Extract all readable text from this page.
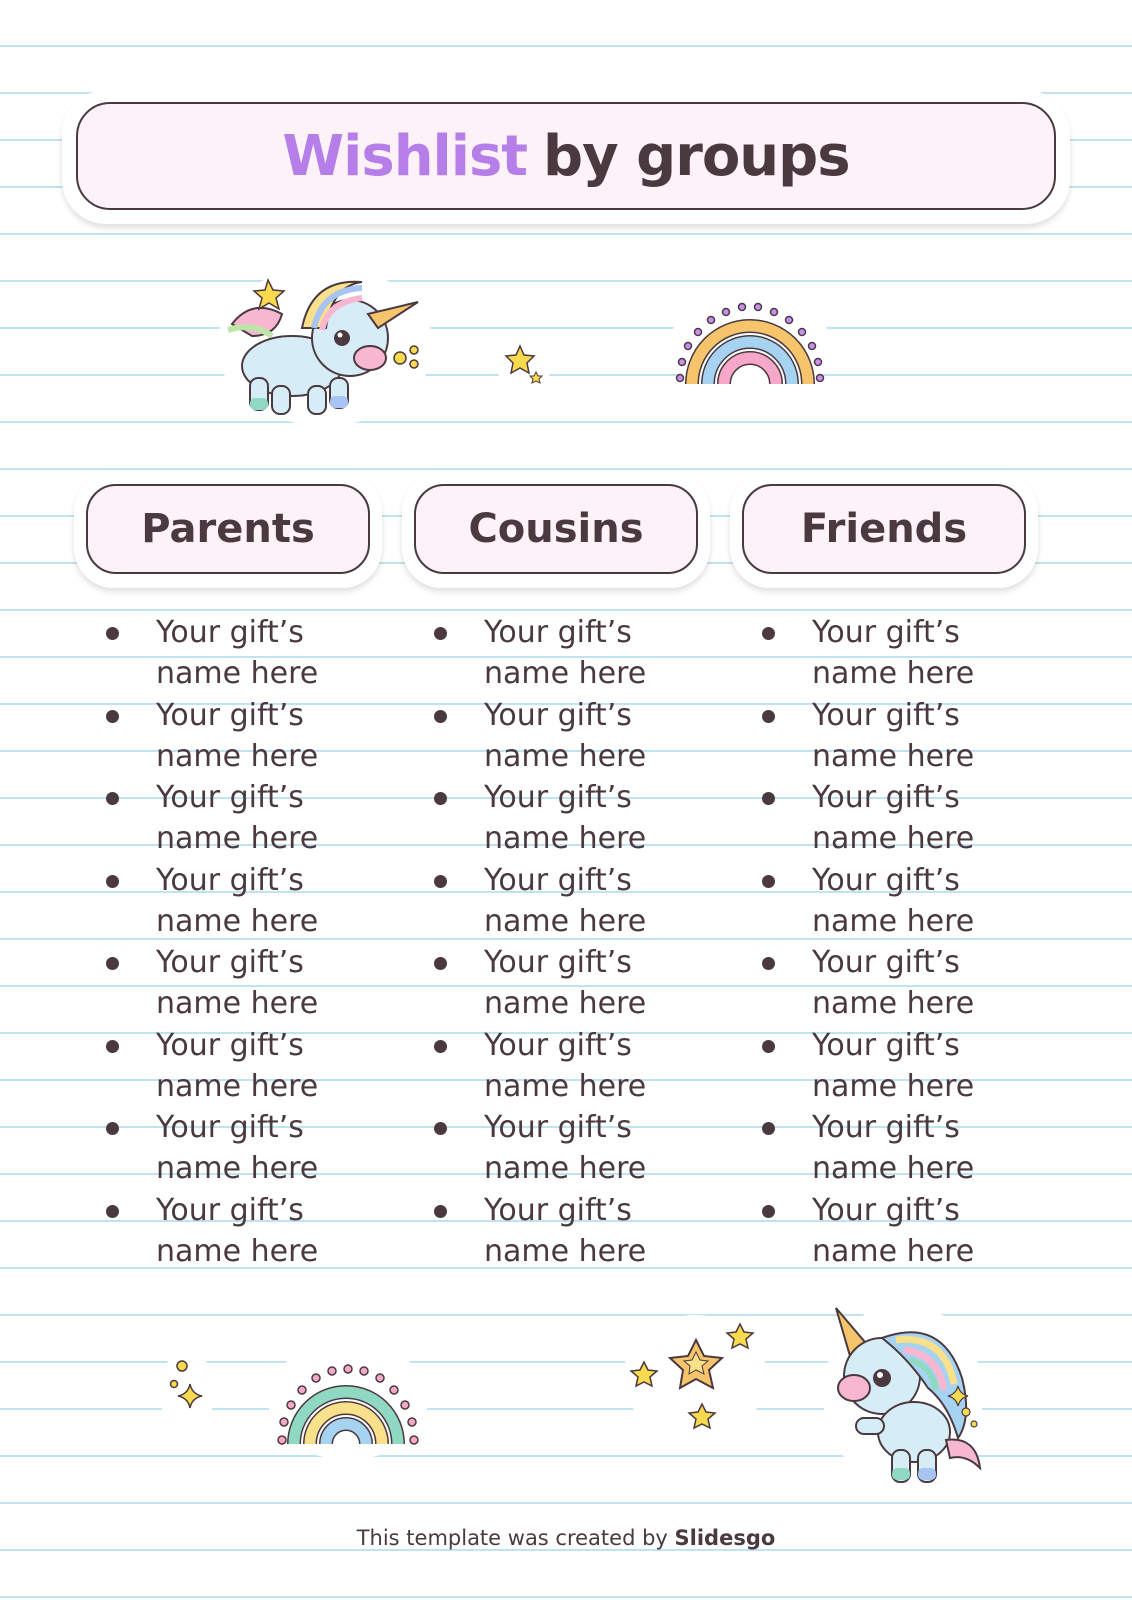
Wishlist by groups
Parents	Cousins	Friends
Your gift’s name here
Your gift’s name here
Your gift’s name here
Your gift’s name here
Your gift’s name here
Your gift’s name here
Your gift’s name here
Your gift’s name here
Your gift’s name here
Your gift’s name here
Your gift’s name here
Your gift’s name here
Your gift’s name here
Your gift’s name here
Your gift’s name here
Your gift’s name here
Your gift’s name here
Your gift’s name here
Your gift’s name here
Your gift’s name here
Your gift’s name here
Your gift’s name here
Your gift’s name here
Your gift’s name here
This template was created by Slidesgo
